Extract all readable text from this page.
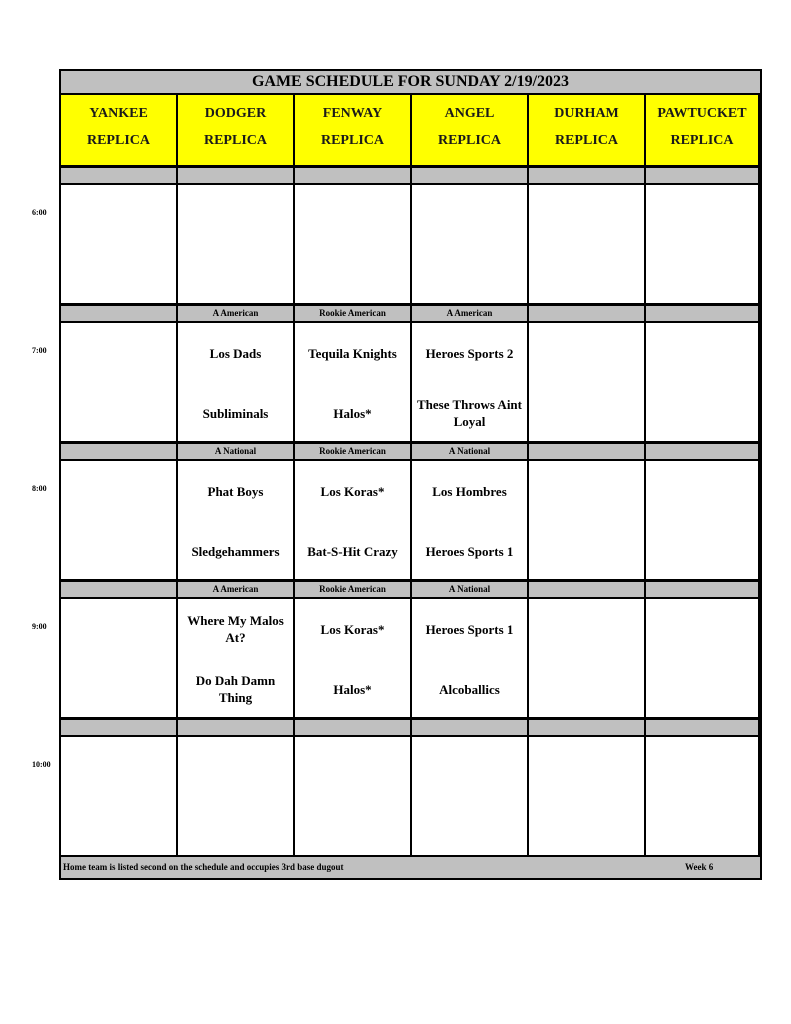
6:00
7:00
8:00
9:00
10:00
GAME SCHEDULE FOR SUNDAY 2/19/2023
YANKEE
REPLICA
DODGER
REPLICA
FENWAY
REPLICA
ANGEL
REPLICA
DURHAM
REPLICA
PAWTUCKET
REPLICA
A American
Los Dads
Subliminals
Rookie American
Tequila Knights
Halos*
A American
Heroes Sports 2
These Throws Aint Loyal
A National
Phat Boys
Sledgehammers
Rookie American
Los Koras*
Bat-S-Hit Crazy
A National
Los Hombres
Heroes Sports 1
A American
Where My Malos At?
Do Dah Damn Thing
Rookie American
Los Koras*
Halos*
A National
Heroes Sports 1
Alcoballics
Home team is listed second on the schedule and occupies 3rd base dugout	Week 6
